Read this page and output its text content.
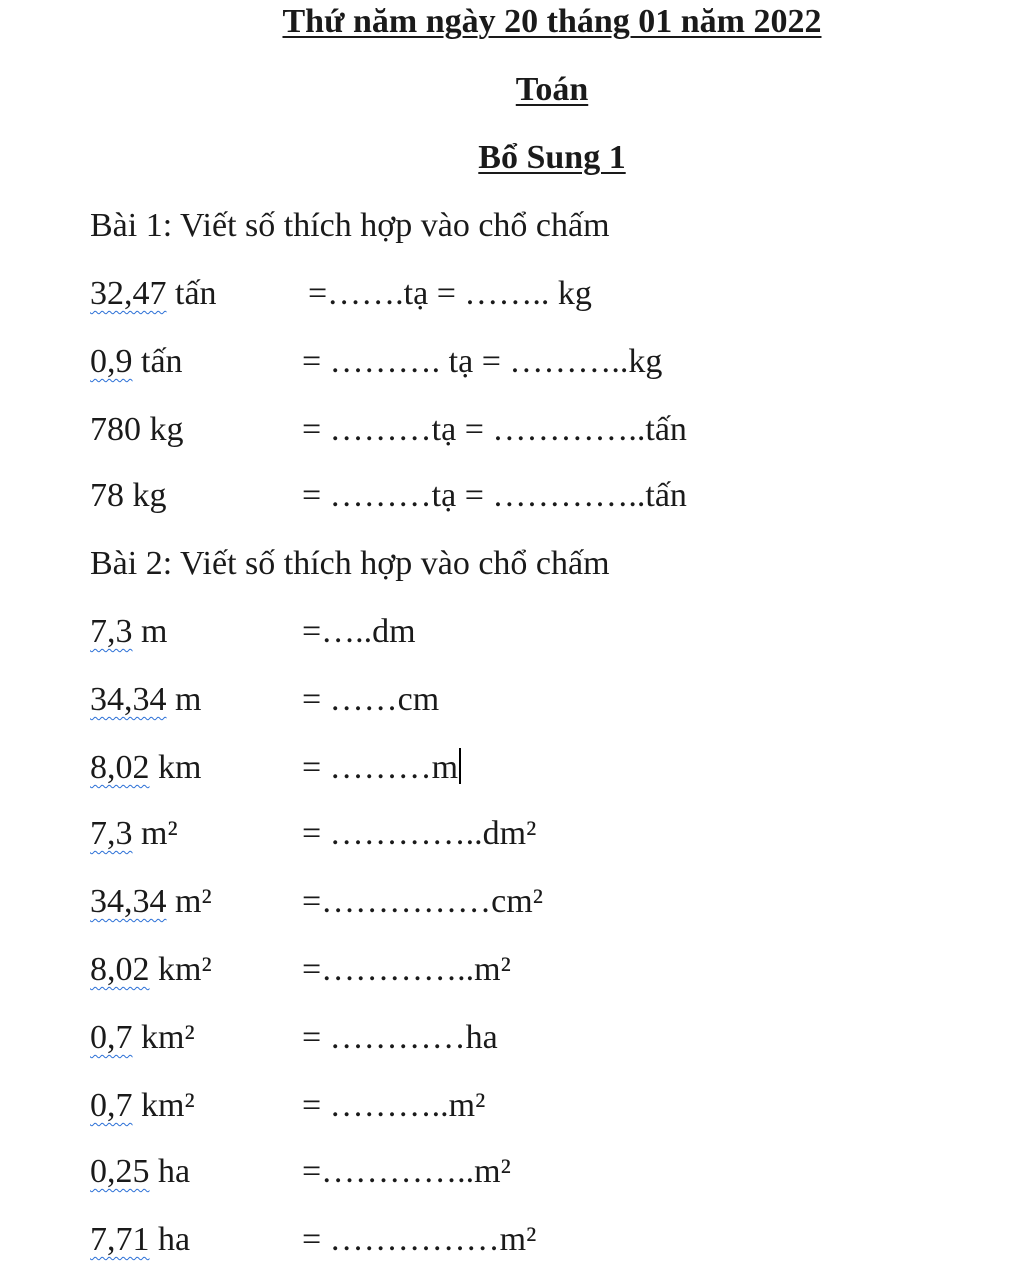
Thứ năm ngày 20 tháng 01 năm 2022
Toán
Bổ Sung 1
Bài 1: Viết số thích hợp vào chổ chấm
32,47 tấn	=…….tạ = …….. kg
0,9 tấn	= ………. tạ = ………..kg
780 kg	= ………tạ = …………..tấn
78 kg	= ………tạ = …………..tấn
Bài 2: Viết số thích hợp vào chổ chấm
7,3 m	=…..dm
34,34 m	= ……cm
8,02 km	= ………m
7,3 m²	= …………..dm²
34,34 m²	=……………cm²
8,02 km²	=…………..m²
0,7 km²	= …………ha
0,7 km²	= ………..m²
0,25 ha	=…………..m²
7,71 ha	= ……………m²
